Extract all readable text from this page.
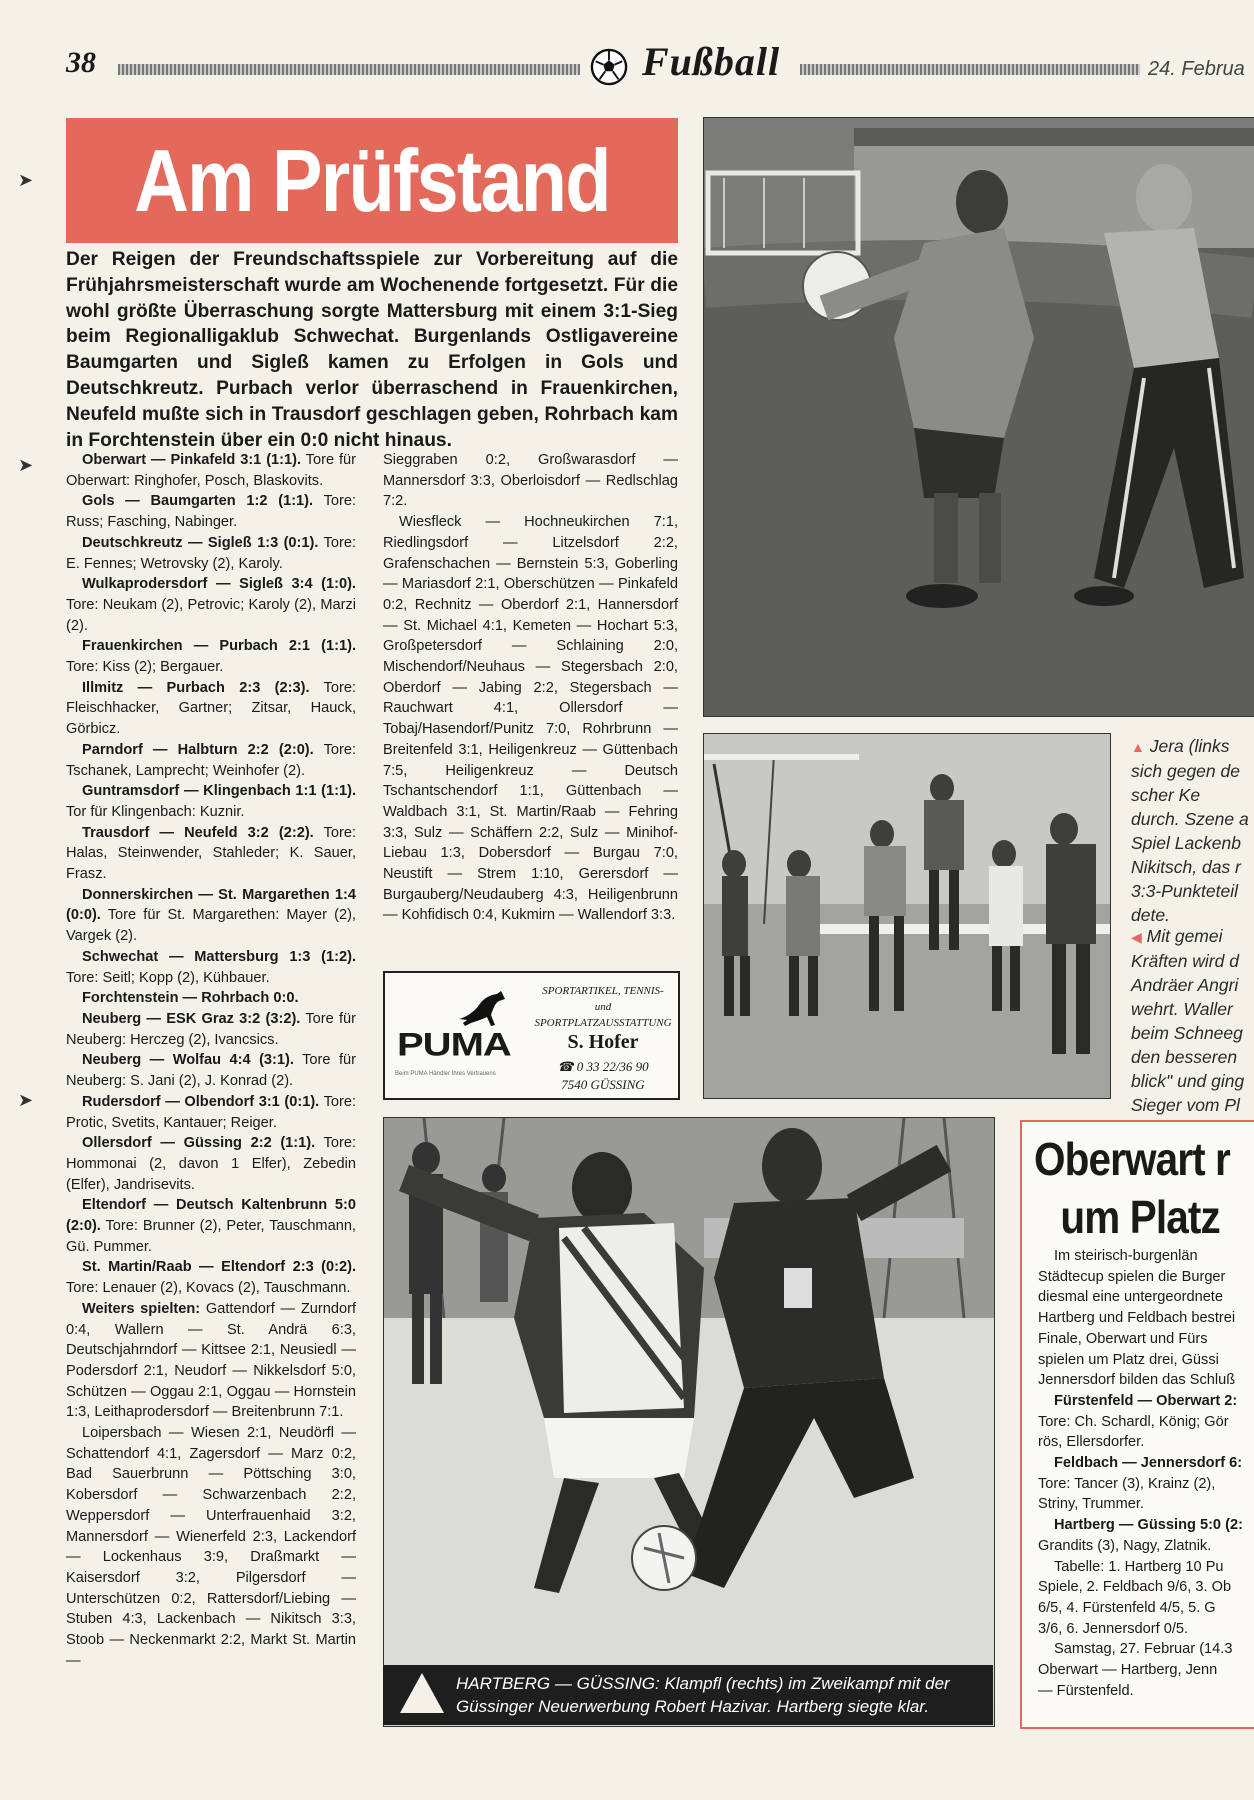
38	Fußball	24. Februa
Am Prüfstand
Der Reigen der Freundschaftsspiele zur Vorbereitung auf die Frühjahrsmeisterschaft wurde am Wochenende fortgesetzt. Für die wohl größte Überraschung sorgte Mattersburg mit einem 3:1-Sieg beim Regionalligaklub Schwechat. Burgenlands Ostligavereine Baumgarten und Sigleß kamen zu Erfolgen in Gols und Deutschkreutz. Purbach verlor überraschend in Frauenkirchen, Neufeld mußte sich in Trausdorf geschlagen geben, Rohrbach kam in Forchtenstein über ein 0:0 nicht hinaus.

Oberwart — Pinkafeld 3:1 (1:1). Tore für Oberwart: Ringhofer, Posch, Blaskovits.

Gols — Baumgarten 1:2 (1:1). Tore: Russ; Fasching, Nabinger.

Deutschkreutz — Sigleß 1:3 (0:1). Tore: E. Fennes; Wetrovsky (2), Karoly.

Wulkaprodersdorf — Sigleß 3:4 (1:0). Tore: Neukam (2), Petrovic; Karoly (2), Marzi (2).

Frauenkirchen — Purbach 2:1 (1:1). Tore: Kiss (2); Bergauer.

Illmitz — Purbach 2:3 (2:3). Tore: Fleischhacker, Gartner; Zitsar, Hauck, Görbicz.

Parndorf — Halbturn 2:2 (2:0). Tore: Tschanek, Lamprecht; Weinhofer (2).

Guntramsdorf — Klingenbach 1:1 (1:1). Tor für Klingenbach: Kuznir.

Trausdorf — Neufeld 3:2 (2:2). Tore: Halas, Steinwender, Stahleder; K. Sauer, Frasz.

Donnerskirchen — St. Margarethen 1:4 (0:0). Tore für St. Margarethen: Mayer (2), Vargek (2).

Schwechat — Mattersburg 1:3 (1:2). Tore: Seitl; Kopp (2), Kühbauer.

Forchtenstein — Rohrbach 0:0.

Neuberg — ESK Graz 3:2 (3:2). Tore für Neuberg: Herczeg (2), Ivancsics.

Neuberg — Wolfau 4:4 (3:1). Tore für Neuberg: S. Jani (2), J. Konrad (2).

Rudersdorf — Olbendorf 3:1 (0:1). Tore: Protic, Svetits, Kantauer; Reiger.

Ollersdorf — Güssing 2:2 (1:1). Tore: Hommonai (2, davon 1 Elfer), Zebedin (Elfer), Jandrisevits.

Eltendorf — Deutsch Kaltenbrunn 5:0 (2:0). Tore: Brunner (2), Peter, Tauschmann, Gü. Pummer.

St. Martin/Raab — Eltendorf 2:3 (0:2). Tore: Lenauer (2), Kovacs (2), Tauschmann.

Weiters spielten: Gattendorf — Zurndorf 0:4, Wallern — St. Andrä 6:3, Deutschjahrndorf — Kittsee 2:1, Neusiedl — Podersdorf 2:1, Neudorf — Nikkelsdorf 5:0, Schützen — Oggau 2:1, Oggau — Hornstein 1:3, Leithaprodersdorf — Breitenbrunn 7:1.

Loipersbach — Wiesen 2:1, Neudörfl — Schattendorf 4:1, Zagersdorf — Marz 0:2, Bad Sauerbrunn — Pöttsching 3:0, Kobersdorf — Schwarzenbach 2:2, Weppersdorf — Unterfrauenhaid 3:2, Mannersdorf — Wienerfeld 2:3, Lackendorf — Lockenhaus 3:9, Draßmarkt — Kaisersdorf 3:2, Pilgersdorf — Unterschützen 0:2, Rattersdorf/Liebing — Stuben 4:3, Lackenbach — Nikitsch 3:3, Stoob — Neckenmarkt 2:2, Markt St. Martin —

Sieggraben 0:2, Großwarasdorf — Mannersdorf 3:3, Oberloisdorf — Redlschlag 7:2.

Wiesfleck — Hochneukirchen 7:1, Riedlingsdorf — Litzelsdorf 2:2, Grafenschachen — Bernstein 5:3, Goberling — Mariasdorf 2:1, Oberschützen — Pinkafeld 0:2, Rechnitz — Oberdorf 2:1, Hannersdorf — St. Michael 4:1, Kemeten — Hochart 5:3, Großpetersdorf — Schlaining 2:0, Mischendorf/Neuhaus — Stegersbach 2:0, Oberdorf — Jabing 2:2, Stegersbach — Rauchwart 4:1, Ollersdorf — Tobaj/Hasendorf/Punitz 7:0, Rohrbrunn — Breitenfeld 3:1, Heiligenkreuz — Güttenbach 7:5, Heiligenkreuz — Deutsch Tschantschendorf 1:1, Güttenbach — Waldbach 3:1, St. Martin/Raab — Fehring 3:3, Sulz — Schäffern 2:2, Sulz — Minihof-Liebau 1:3, Dobersdorf — Burgau 7:0, Neustift — Strem 1:10, Gerersdorf — Burgauberg/Neudauberg 4:3, Heiligenbrunn — Kohfidisch 0:4, Kukmirn — Wallendorf 3:3.

PUMA
Beim PUMA Händler Ihres Vertrauens
SPORTARTIKEL, TENNIS- und SPORTPLATZAUSSTATTUNG
S. Hofer
☎ 0 33 22/36 90
7540 GÜSSING
▲ Jera (links
sich gegen de
scher Ke
durch. Szene a
Spiel Lackenb
Nikitsch, das r
3:3-Punkteteil
dete.
◀ Mit gemei
Kräften wird d
Andräer Angri
wehrt. Waller
beim Schneeg
den besseren
blick" und ging
Sieger vom Pl
HARTBERG — GÜSSING: Klampfl (rechts) im Zweikampf mit der Güssinger Neuerwerbung Robert Hazivar. Hartberg siegte klar.
Oberwart r
um Platz

Im steirisch-burgenlän

Städtecup spielen die Burger

diesmal eine untergeordnete

Hartberg und Feldbach bestrei

Finale, Oberwart und Fürs

spielen um Platz drei, Güssi

Jennersdorf bilden das Schluß

Fürstenfeld — Oberwart 2:

Tore: Ch. Schardl, König; Gör

rös, Ellersdorfer.

Feldbach — Jennersdorf 6:

Tore: Tancer (3), Krainz (2),

Striny, Trummer.

Hartberg — Güssing 5:0 (2:

Grandits (3), Nagy, Zlatnik.

Tabelle: 1. Hartberg 10 Pu

Spiele, 2. Feldbach 9/6, 3. Ob

6/5, 4. Fürstenfeld 4/5, 5. G

3/6, 6. Jennersdorf 0/5.

Samstag, 27. Februar (14.3

Oberwart — Hartberg, Jenn

— Fürstenfeld.

➤
➤
➤
